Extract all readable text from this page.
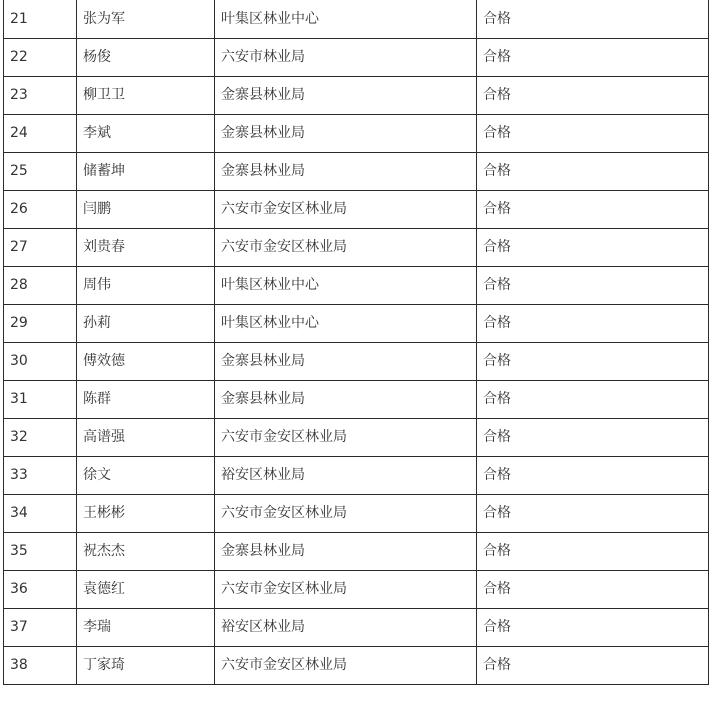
21	张为军	叶集区林业中心	合格
22	杨俊	六安市林业局	合格
23	柳卫卫	金寨县林业局	合格
24	李斌	金寨县林业局	合格
25	储蓄坤	金寨县林业局	合格
26	闫鹏	六安市金安区林业局	合格
27	刘贵春	六安市金安区林业局	合格
28	周伟	叶集区林业中心	合格
29	孙莉	叶集区林业中心	合格
30	傅效德	金寨县林业局	合格
31	陈群	金寨县林业局	合格
32	高谱强	六安市金安区林业局	合格
33	徐文	裕安区林业局	合格
34	王彬彬	六安市金安区林业局	合格
35	祝杰杰	金寨县林业局	合格
36	袁德红	六安市金安区林业局	合格
37	李瑞	裕安区林业局	合格
38	丁家琦	六安市金安区林业局	合格
